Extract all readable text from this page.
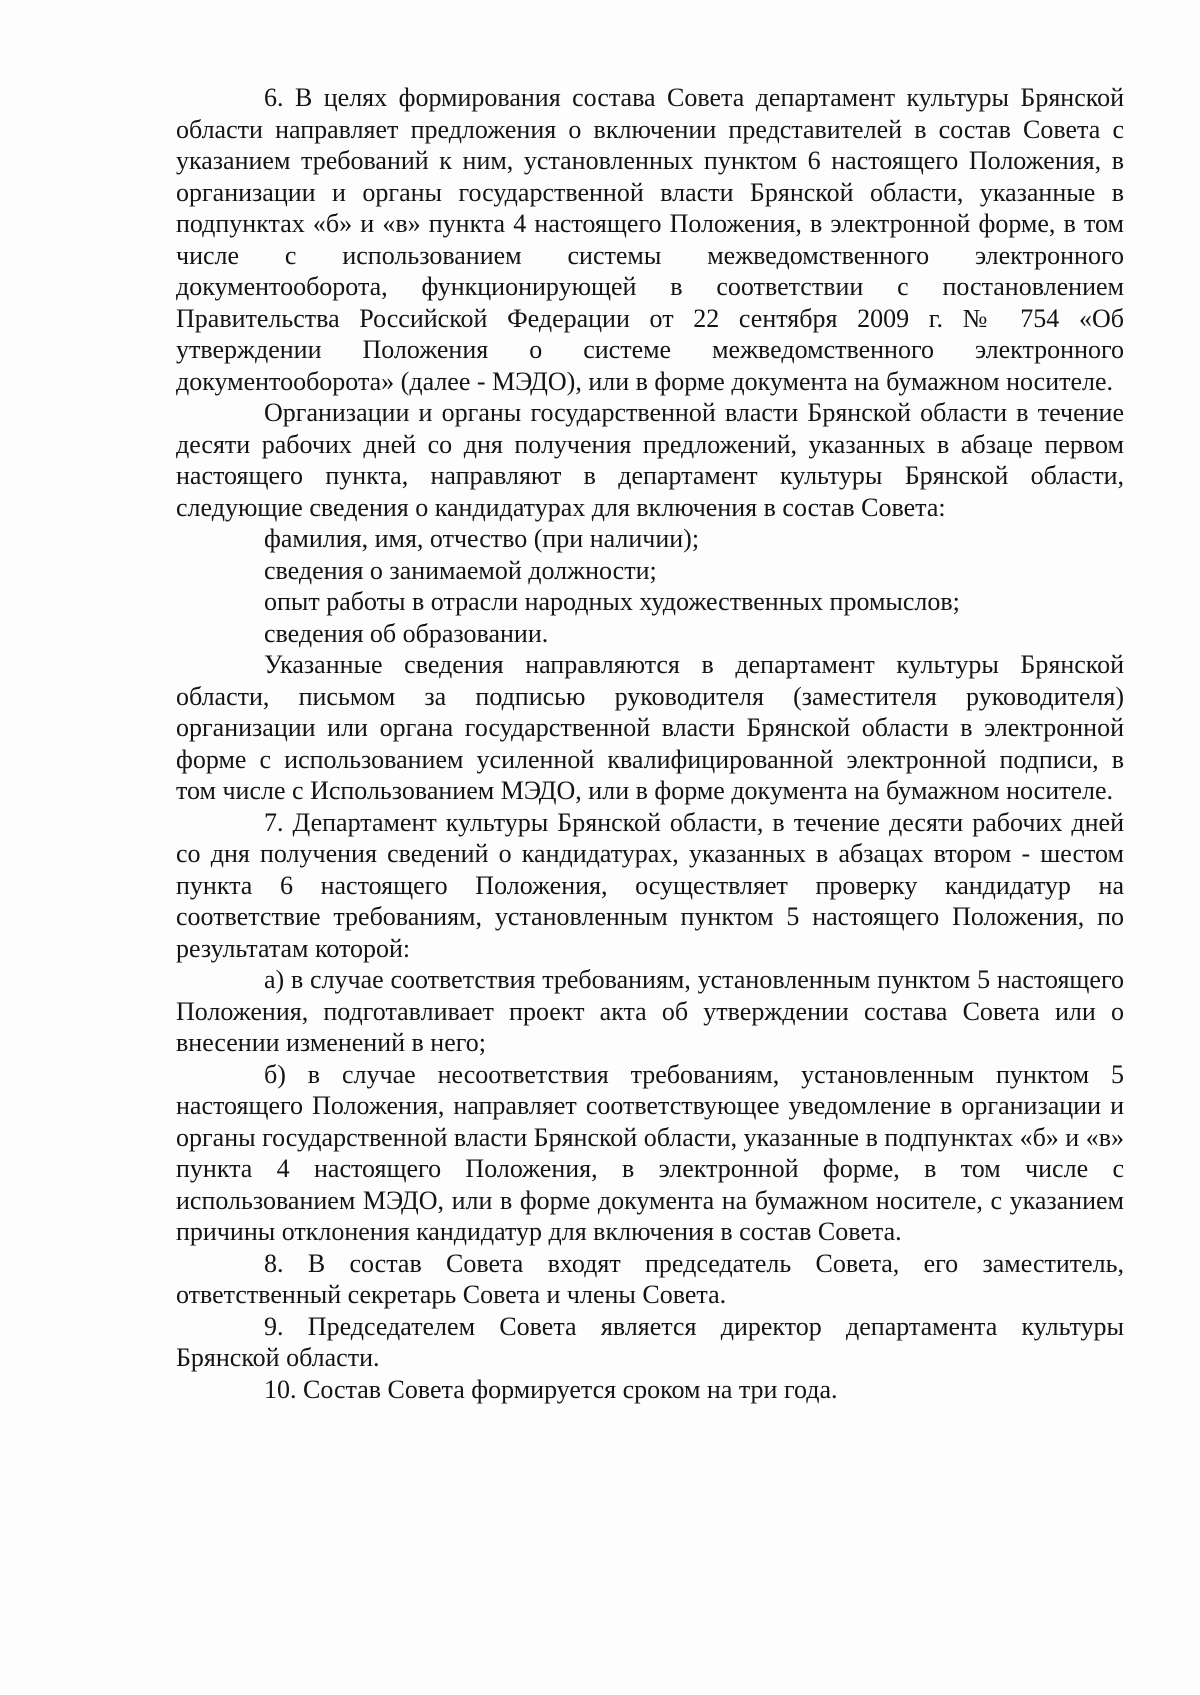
6. В целях формирования состава Совета департамент культуры Брянской области направляет предложения о включении представителей в состав Совета с указанием требований к ним, установленных пунктом 6 настоящего Положения, в организации и органы государственной власти Брянской области, указанные в подпунктах «б» и «в» пункта 4 настоящего Положения, в электронной форме, в том числе с использованием системы межведомственного электронного документооборота, функционирующей в соответствии с постановлением Правительства Российской Федерации от 22 сентября 2009 г. № 754 «Об утверждении Положения о системе межведомственного электронного документооборота» (далее - МЭДО), или в форме документа на бумажном носителе.

Организации и органы государственной власти Брянской области в течение десяти рабочих дней со дня получения предложений, указанных в абзаце первом настоящего пункта, направляют в департамент культуры Брянской области, следующие сведения о кандидатурах для включения в состав Совета:

фамилия, имя, отчество (при наличии);

сведения о занимаемой должности;

опыт работы в отрасли народных художественных промыслов;

сведения об образовании.

Указанные сведения направляются в департамент культуры Брянской области, письмом за подписью руководителя (заместителя руководителя) организации или органа государственной власти Брянской области в электронной форме с использованием усиленной квалифицированной электронной подписи, в том числе с Использованием МЭДО, или в форме документа на бумажном носителе.

7. Департамент культуры Брянской области, в течение десяти рабочих дней со дня получения сведений о кандидатурах, указанных в абзацах втором - шестом пункта 6 настоящего Положения, осуществляет проверку кандидатур на соответствие требованиям, установленным пунктом 5 настоящего Положения, по результатам которой:

а) в случае соответствия требованиям, установленным пунктом 5 настоящего Положения, подготавливает проект акта об утверждении состава Совета или о внесении изменений в него;

б) в случае несоответствия требованиям, установленным пунктом 5 настоящего Положения, направляет соответствующее уведомление в организации и органы государственной власти Брянской области, указанные в подпунктах «б» и «в» пункта 4 настоящего Положения, в электронной форме, в том числе с использованием МЭДО, или в форме документа на бумажном носителе, с указанием причины отклонения кандидатур для включения в состав Совета.

8. В состав Совета входят председатель Совета, его заместитель, ответственный секретарь Совета и члены Совета.

9. Председателем Совета является директор департамента культуры Брянской области.

10. Состав Совета формируется сроком на три года.
